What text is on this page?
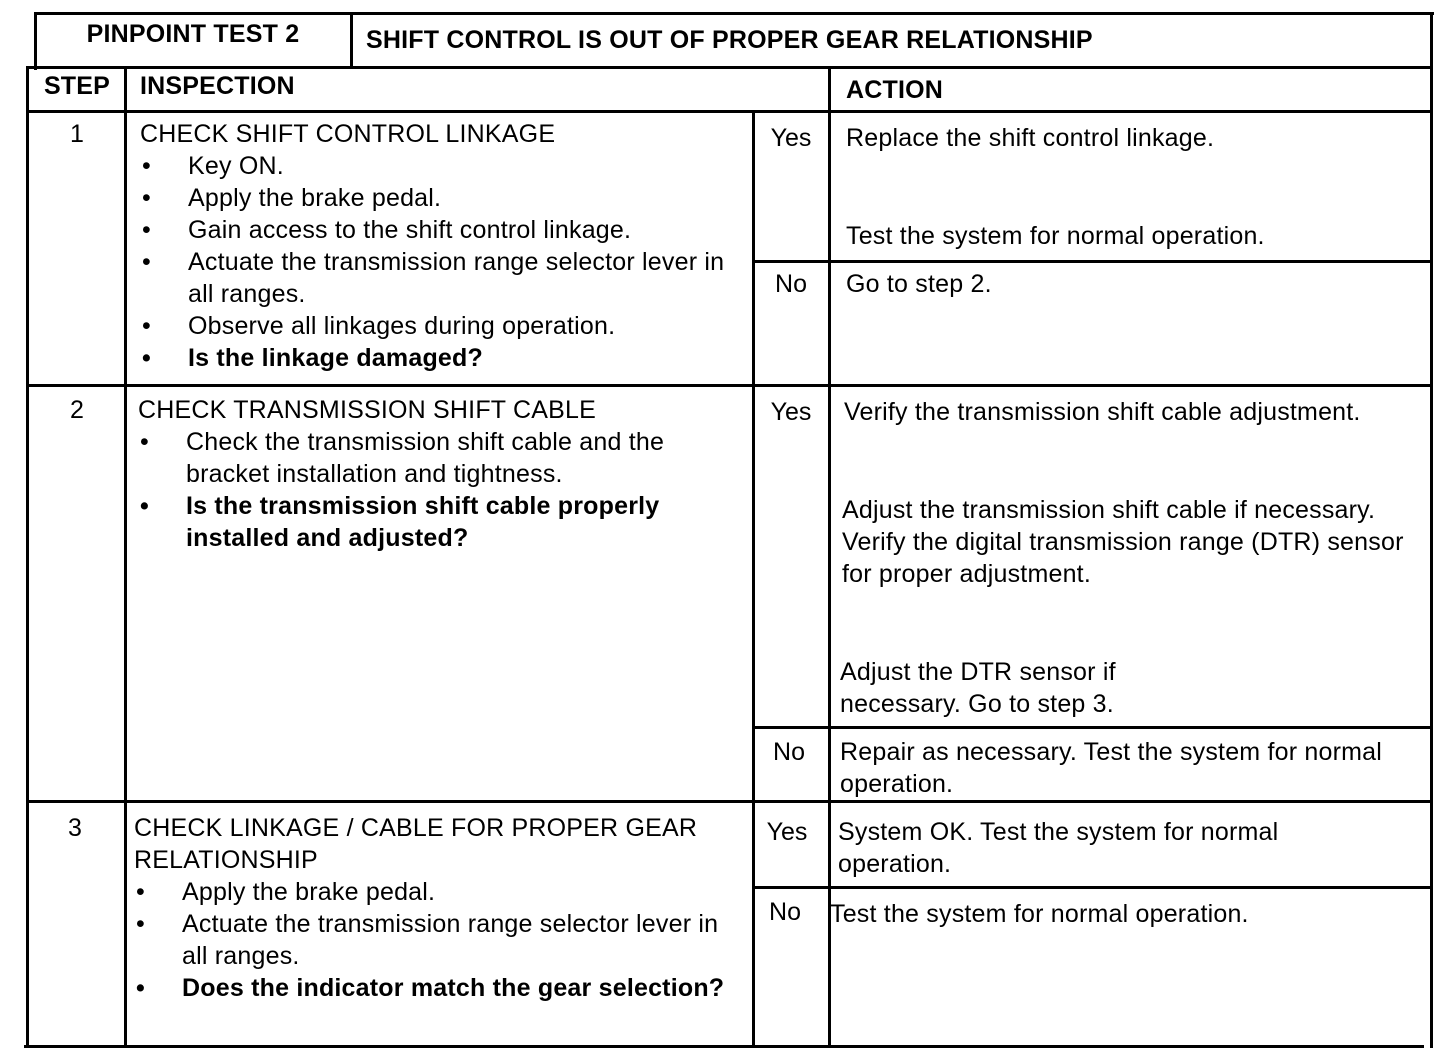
PINPOINT TEST 2	SHIFT CONTROL IS OUT OF PROPER GEAR RELATIONSHIP
STEP	INSPECTION	ACTION
1	CHECK SHIFT CONTROL LINKAGE
• Key ON.
• Apply the brake pedal.
• Gain access to the shift control linkage.
• Actuate the transmission range selector lever in all ranges.
• Observe all linkages during operation.
• Is the linkage damaged?
Yes	Replace the shift control linkage.
Test the system for normal operation.
No	Go to step 2.
2	CHECK TRANSMISSION SHIFT CABLE
• Check the transmission shift cable and the bracket installation and tightness.
• Is the transmission shift cable properly installed and adjusted?
Yes	Verify the transmission shift cable adjustment.
Adjust the transmission shift cable if necessary. Verify the digital transmission range (DTR) sensor for proper adjustment.
Adjust the DTR sensor if necessary. Go to step 3.
No	Repair as necessary. Test the system for normal operation.
3	CHECK LINKAGE / CABLE FOR PROPER GEAR RELATIONSHIP
• Apply the brake pedal.
• Actuate the transmission range selector lever in all ranges.
• Does the indicator match the gear selection?
Yes	System OK. Test the system for normal operation.
No	Test the system for normal operation.
